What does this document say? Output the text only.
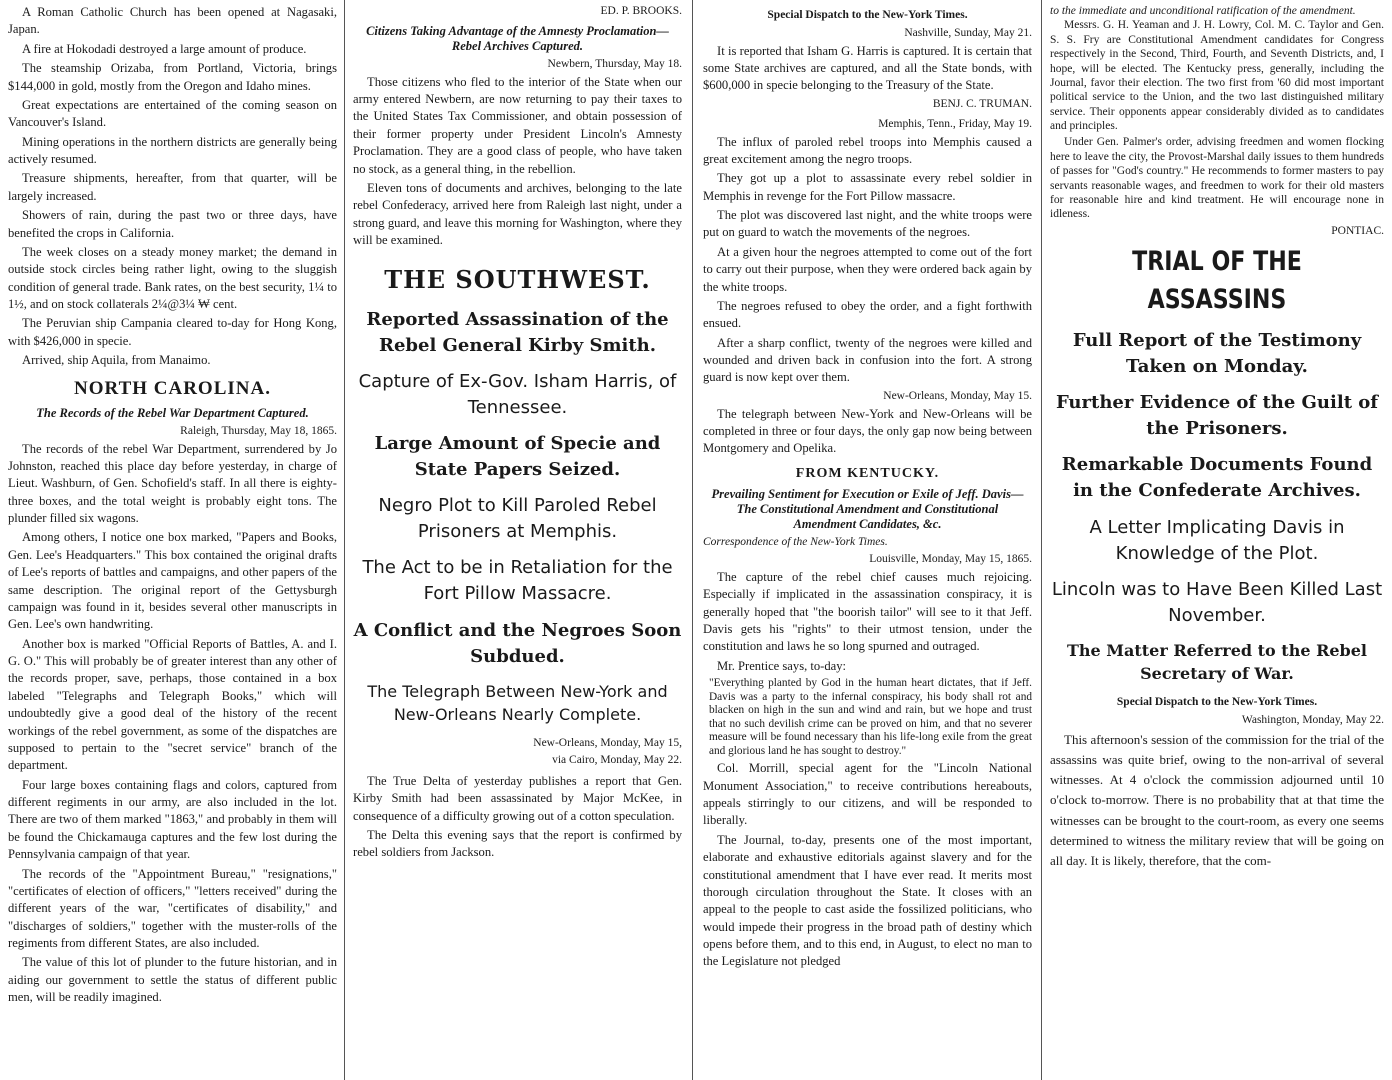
A Roman Catholic Church has been opened at Nagasaki, Japan.

A fire at Hokodadi destroyed a large amount of produce.

The steamship Orizaba, from Portland, Victoria, brings $144,000 in gold, mostly from the Oregon and Idaho mines.

Great expectations are entertained of the coming season on Vancouver's Island.

Mining operations in the northern districts are generally being actively resumed.

Treasure shipments, hereafter, from that quarter, will be largely increased.

Showers of rain, during the past two or three days, have benefited the crops in California.

The week closes on a steady money market; the demand in outside stock circles being rather light, owing to the sluggish condition of general trade. Bank rates, on the best security, 1¼ to 1½, and on stock collaterals 2¼@3¼ ₩ cent.

The Peruvian ship Campania cleared to-day for Hong Kong, with $426,000 in specie.

Arrived, ship Aquila, from Manaimo.

NORTH CAROLINA.
The Records of the Rebel War Department Captured.
Raleigh, Thursday, May 18, 1865.

The records of the rebel War Department, surrendered by Jo Johnston, reached this place day before yesterday, in charge of Lieut. Washburn, of Gen. Schofield's staff. In all there is eighty-three boxes, and the total weight is probably eight tons. The plunder filled six wagons.

Among others, I notice one box marked, "Papers and Books, Gen. Lee's Headquarters." This box contained the original drafts of Lee's reports of battles and campaigns, and other papers of the same description. The original report of the Gettysburgh campaign was found in it, besides several other manuscripts in Gen. Lee's own handwriting.

Another box is marked "Official Reports of Battles, A. and I. G. O." This will probably be of greater interest than any other of the records proper, save, perhaps, those contained in a box labeled "Telegraphs and Telegraph Books," which will undoubtedly give a good deal of the history of the recent workings of the rebel government, as some of the dispatches are supposed to pertain to the "secret service" branch of the department.

Four large boxes containing flags and colors, captured from different regiments in our army, are also included in the lot. There are two of them marked "1863," and probably in them will be found the Chickamauga captures and the few lost during the Pennsylvania campaign of that year.

The records of the "Appointment Bureau," "resignations," "certificates of election of officers," "letters received" during the different years of the war, "certificates of disability," and "discharges of soldiers," together with the muster-rolls of the regiments from different States, are also included.

The value of this lot of plunder to the future historian, and in aiding our government to settle the status of different public men, will be readily imagined.

ED. P. BROOKS.
Citizens Taking Advantage of the Amnesty Proclamation—Rebel Archives Captured.
Newbern, Thursday, May 18.

Those citizens who fled to the interior of the State when our army entered Newbern, are now returning to pay their taxes to the United States Tax Commissioner, and obtain possession of their former property under President Lincoln's Amnesty Proclamation. They are a good class of people, who have taken no stock, as a general thing, in the rebellion.

Eleven tons of documents and archives, belonging to the late rebel Confederacy, arrived here from Raleigh last night, under a strong guard, and leave this morning for Washington, where they will be examined.

THE SOUTHWEST.
Reported Assassination of the Rebel General Kirby Smith.
Capture of Ex-Gov. Isham Harris, of Tennessee.
Large Amount of Specie and State Papers Seized.
Negro Plot to Kill Paroled Rebel Prisoners at Memphis.
The Act to be in Retaliation for the Fort Pillow Massacre.
A Conflict and the Negroes Soon Subdued.
The Telegraph Between New-York and New-Orleans Nearly Complete.
New-Orleans, Monday, May 15,
via Cairo, Monday, May 22.

The True Delta of yesterday publishes a report that Gen. Kirby Smith had been assassinated by Major McKee, in consequence of a difficulty growing out of a cotton speculation.

The Delta this evening says that the report is confirmed by rebel soldiers from Jackson.

Special Dispatch to the New-York Times.
Nashville, Sunday, May 21.

It is reported that Isham G. Harris is captured. It is certain that some State archives are captured, and all the State bonds, with $600,000 in specie belonging to the Treasury of the State.

BENJ. C. TRUMAN.
Memphis, Tenn., Friday, May 19.

The influx of paroled rebel troops into Memphis caused a great excitement among the negro troops.

They got up a plot to assassinate every rebel soldier in Memphis in revenge for the Fort Pillow massacre.

The plot was discovered last night, and the white troops were put on guard to watch the movements of the negroes.

At a given hour the negroes attempted to come out of the fort to carry out their purpose, when they were ordered back again by the white troops.

The negroes refused to obey the order, and a fight forthwith ensued.

After a sharp conflict, twenty of the negroes were killed and wounded and driven back in confusion into the fort. A strong guard is now kept over them.

New-Orleans, Monday, May 15.

The telegraph between New-York and New-Orleans will be completed in three or four days, the only gap now being between Montgomery and Opelika.

FROM KENTUCKY.
Prevailing Sentiment for Execution or Exile of Jeff. Davis—The Constitutional Amendment and Constitutional Amendment Candidates, &c.
Correspondence of the New-York Times.
Louisville, Monday, May 15, 1865.

The capture of the rebel chief causes much rejoicing. Especially if implicated in the assassination conspiracy, it is generally hoped that "the boorish tailor" will see to it that Jeff. Davis gets his "rights" to their utmost tension, under the constitution and laws he so long spurned and outraged.

Mr. Prentice says, to-day:

"Everything planted by God in the human heart dictates, that if Jeff. Davis was a party to the infernal conspiracy, his body shall rot and blacken on high in the sun and wind and rain, but we hope and trust that no such devilish crime can be proved on him, and that no severer measure will be found necessary than his life-long exile from the great and glorious land he has sought to destroy."

Col. Morrill, special agent for the "Lincoln National Monument Association," to receive contributions hereabouts, appeals stirringly to our citizens, and will be responded to liberally.

The Journal, to-day, presents one of the most important, elaborate and exhaustive editorials against slavery and for the constitutional amendment that I have ever read. It merits most thorough circulation throughout the State. It closes with an appeal to the people to cast aside the fossilized politicians, who would impede their progress in the broad path of destiny which opens before them, and to this end, in August, to elect no man to the Legislature not pledged

to the immediate and unconditional ratification of the amendment.

Messrs. G. H. Yeaman and J. H. Lowry, Col. M. C. Taylor and Gen. S. S. Fry are Constitutional Amendment candidates for Congress respectively in the Second, Third, Fourth, and Seventh Districts, and, I hope, will be elected. The Kentucky press, generally, including the Journal, favor their election. The two first from '60 did most important political service to the Union, and the two last distinguished military service. Their opponents appear considerably divided as to candidates and principles.

Under Gen. Palmer's order, advising freedmen and women flocking here to leave the city, the Provost-Marshal daily issues to them hundreds of passes for "God's country." He recommends to former masters to pay servants reasonable wages, and freedmen to work for their old masters for reasonable hire and kind treatment. He will encourage none in idleness.

PONTIAC.
TRIAL OF THE ASSASSINS
Full Report of the Testimony Taken on Monday.
Further Evidence of the Guilt of the Prisoners.
Remarkable Documents Found in the Confederate Archives.
A Letter Implicating Davis in Knowledge of the Plot.
Lincoln was to Have Been Killed Last November.
The Matter Referred to the Rebel Secretary of War.
Special Dispatch to the New-York Times.
Washington, Monday, May 22.

This afternoon's session of the commission for the trial of the assassins was quite brief, owing to the non-arrival of several witnesses. At 4 o'clock the commission adjourned until 10 o'clock to-morrow. There is no probability that at that time the witnesses can be brought to the court-room, as every one seems determined to witness the military review that will be going on all day. It is likely, therefore, that the com-
